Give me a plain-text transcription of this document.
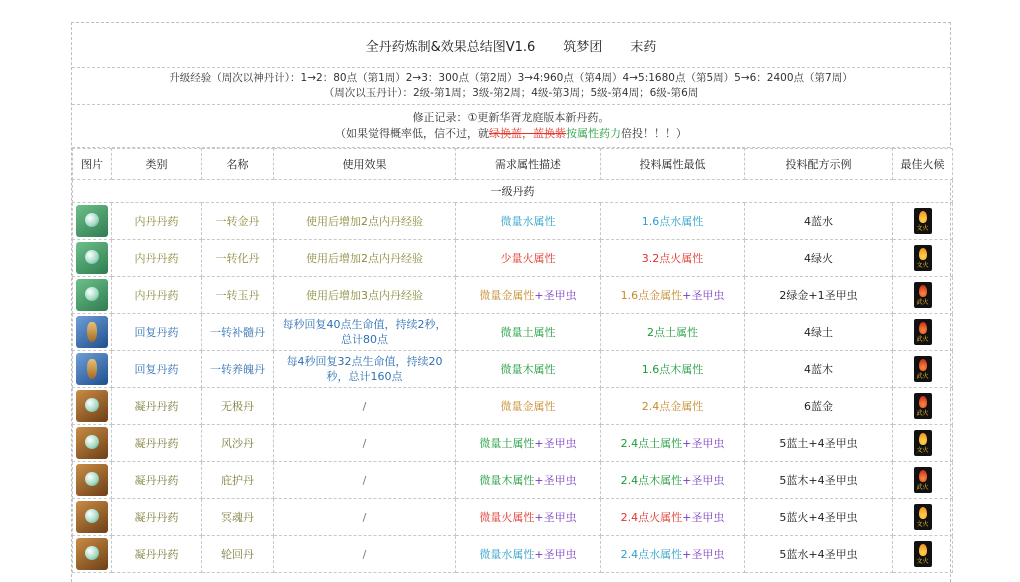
全丹药炼制&效果总结图V1.6 筑梦团 末药
升级经验（周次以神丹计）：1→2：80点（第1周）2→3：300点（第2周）3→4:960点（第4周）4→5:1680点（第5周）5→6：2400点（第7周）
（周次以玉丹计）：2级-第1周；3级-第2周；4级-第3周；5级-第4周；6级-第6周
修正记录：①更新华胥龙庭版本新丹药。
（如果觉得概率低，信不过，就绿换蓝，蓝换紫按属性药力倍投！！！）
图片	类别	名称	使用效果	需求属性描述	投料属性最低	投料配方示例	最佳火候
一级丹药							

	内丹丹药	一转金丹	使用后增加2点内丹经验	微量水属性	1.6点水属性	4蓝水	文火

	内丹丹药	一转化丹	使用后增加2点内丹经验	少量火属性	3.2点火属性	4绿火	文火

	内丹丹药	一转玉丹	使用后增加3点内丹经验	微量金属性+圣甲虫	1.6点金属性+圣甲虫	2绿金+1圣甲虫	武火

	回复丹药	一转补髓丹	每秒回复40点生命值，持续2秒，总计80点	微量土属性	2点土属性	4绿土	武火

	回复丹药	一转养魄丹	每4秒回复32点生命值，持续20秒，总计160点	微量木属性	1.6点木属性	4蓝木	武火

	凝丹丹药	无极丹	/	微量金属性	2.4点金属性	6蓝金	武火

	凝丹丹药	风沙丹	/	微量土属性+圣甲虫	2.4点土属性+圣甲虫	5蓝土+4圣甲虫	文火

	凝丹丹药	庇护丹	/	微量木属性+圣甲虫	2.4点木属性+圣甲虫	5蓝木+4圣甲虫	武火

	凝丹丹药	冥魂丹	/	微量火属性+圣甲虫	2.4点火属性+圣甲虫	5蓝火+4圣甲虫	文火

	凝丹丹药	轮回丹	/	微量水属性+圣甲虫	2.4点水属性+圣甲虫	5蓝水+4圣甲虫	文火
